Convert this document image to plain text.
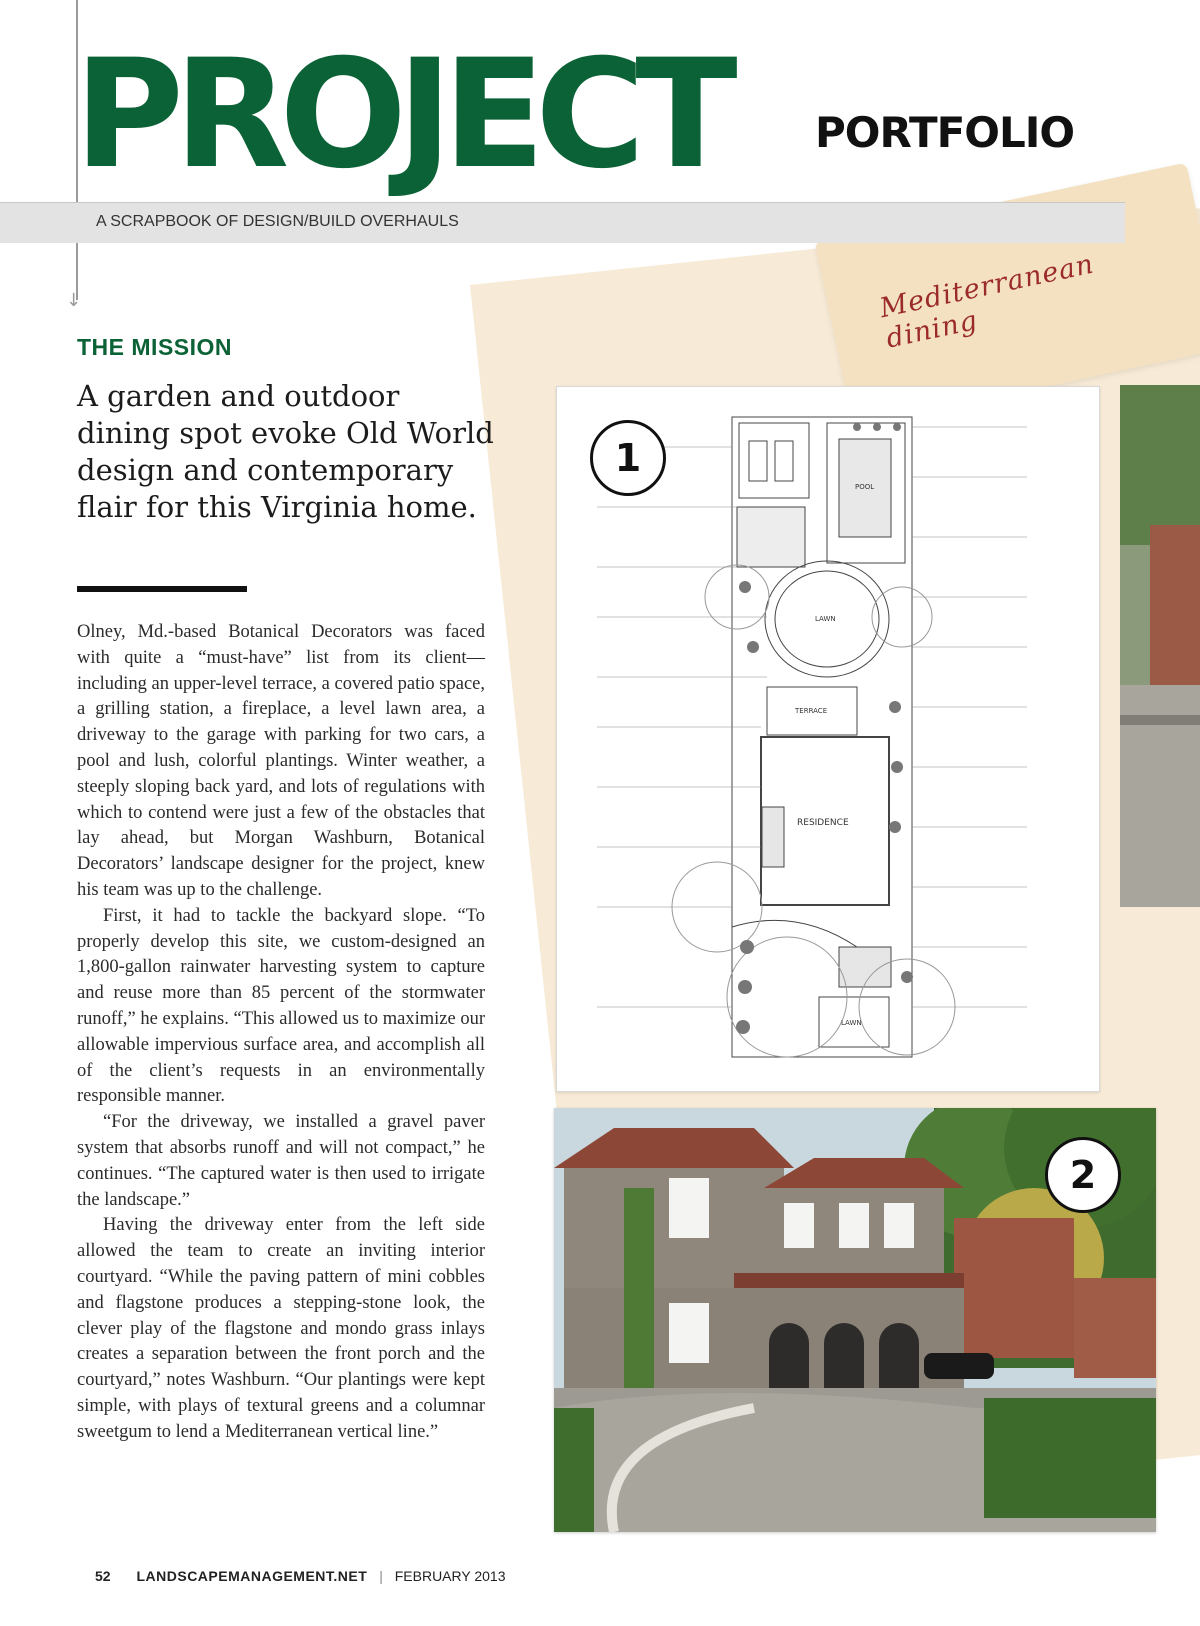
Mediterranean dining
↓
PROJECT PORTFOLIO
A SCRAPBOOK OF DESIGN/BUILD OVERHAULS
THE MISSION
A garden and outdoor dining spot evoke Old World design and contemporary flair for this Virginia home.

Olney, Md.-based Botanical Decorators was faced with quite a “must-have” list from its client— including an upper-level terrace, a covered patio space, a grilling station, a fireplace, a level lawn area, a driveway to the garage with parking for two cars, a pool and lush, colorful plantings. Winter weather, a steeply sloping back yard, and lots of regulations with which to contend were just a few of the obstacles that lay ahead, but Morgan Washburn, Botanical Decorators’ landscape designer for the project, knew his team was up to the challenge.

First, it had to tackle the backyard slope. “To properly develop this site, we custom-designed an 1,800-gallon rainwater harvesting system to capture and reuse more than 85 percent of the stormwater runoff,” he explains. “This allowed us to maximize our allowable impervious surface area, and accomplish all of the client’s requests in an environmentally responsible manner.

“For the driveway, we installed a gravel paver system that absorbs runoff and will not compact,” he continues. “The captured water is then used to irrigate the landscape.”

Having the driveway enter from the left side allowed the team to create an inviting interior courtyard. “While the paving pattern of mini cobbles and flagstone produces a stepping-stone look, the clever play of the flagstone and mondo grass inlays creates a separation between the front porch and the courtyard,” notes Washburn. “Our plantings were kept simple, with plays of textural greens and a columnar sweetgum to lend a Mediterranean vertical line.”

POOL
LAWN
TERRACE
RESIDENCE
LAWN
1
2
52 LANDSCAPEMANAGEMENT.NET | FEBRUARY 2013
